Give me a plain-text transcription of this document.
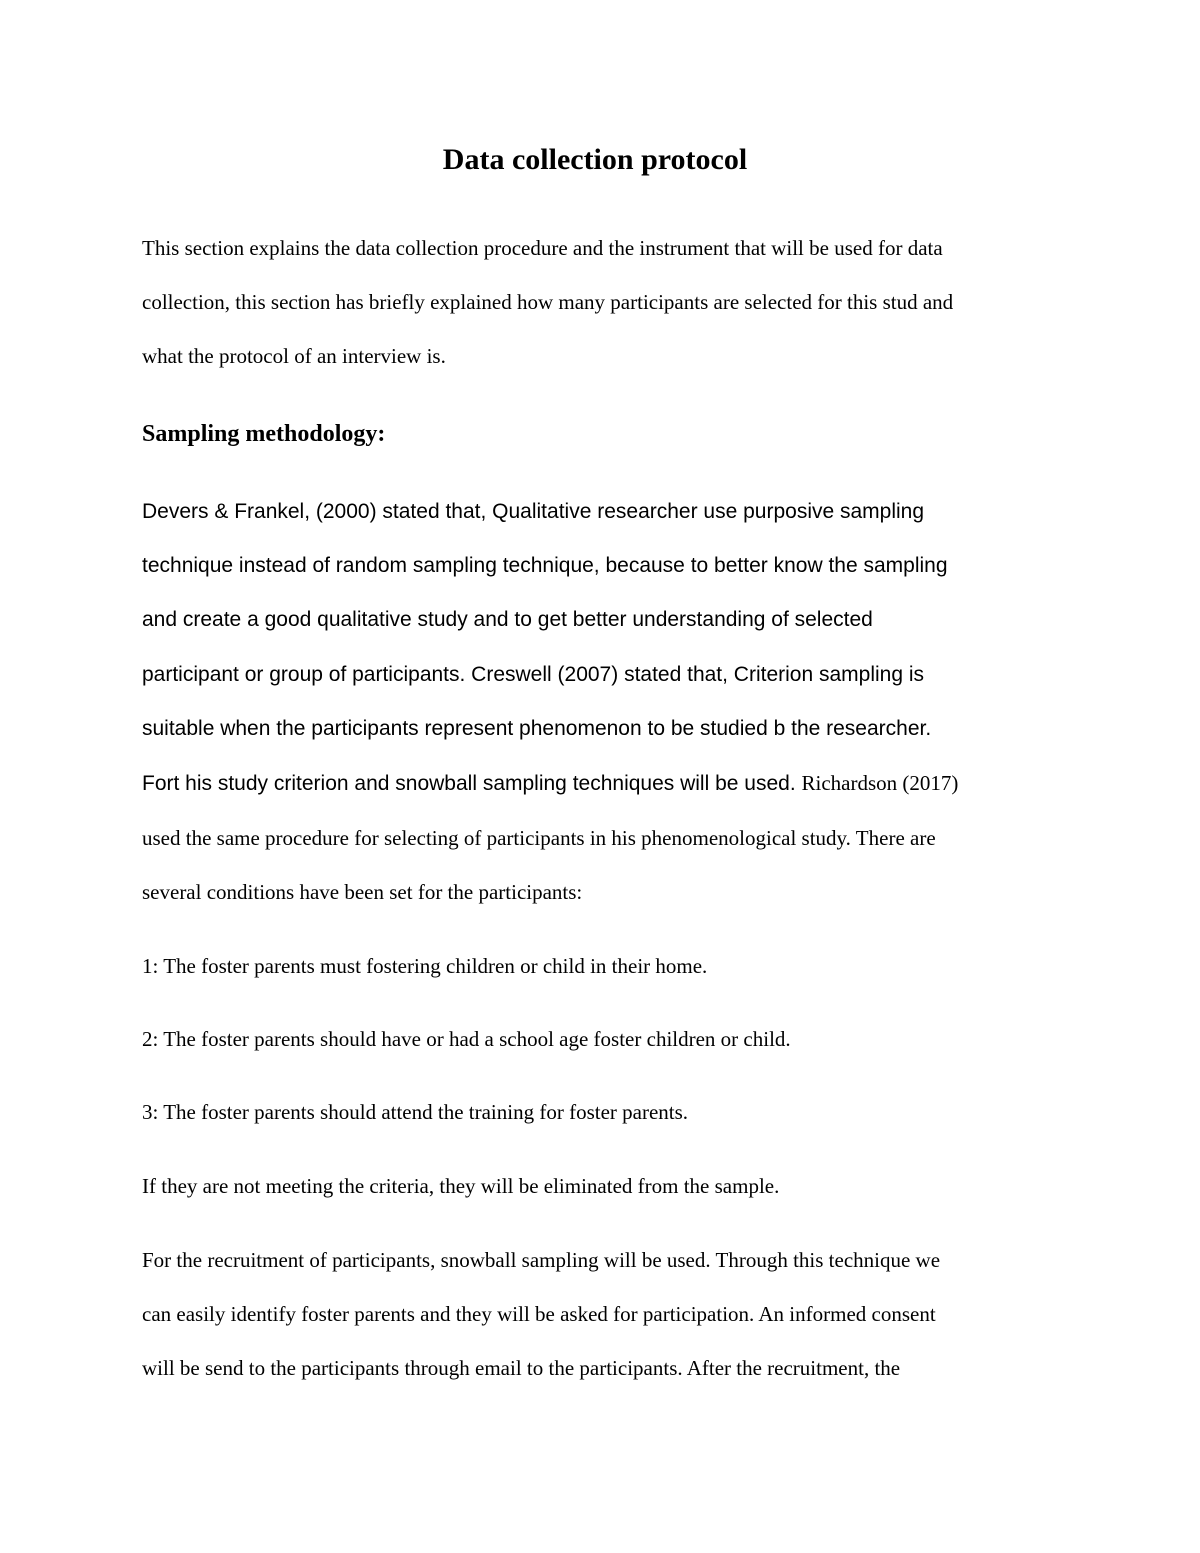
Data collection protocol

This section explains the data collection procedure and the instrument that will be used for data
collection, this section has briefly explained how many participants are selected for this stud and
what the protocol of an interview is.

Sampling methodology:

Devers & Frankel, (2000) stated that, Qualitative researcher use purposive sampling
technique instead of random sampling technique, because to better know the sampling
and create a good qualitative study and to get better understanding of selected
participant or group of participants. Creswell (2007) stated that, Criterion sampling is
suitable when the participants represent phenomenon to be studied b the researcher.
Fort his study criterion and snowball sampling techniques will be used. Richardson (2017)
used the same procedure for selecting of participants in his phenomenological study. There are
several conditions have been set for the participants:

1: The foster parents must fostering children or child in their home.

2: The foster parents should have or had a school age foster children or child.

3: The foster parents should attend the training for foster parents.

If they are not meeting the criteria, they will be eliminated from the sample.

For the recruitment of participants, snowball sampling will be used. Through this technique we
can easily identify foster parents and they will be asked for participation. An informed consent
will be send to the participants through email to the participants. After the recruitment, the
